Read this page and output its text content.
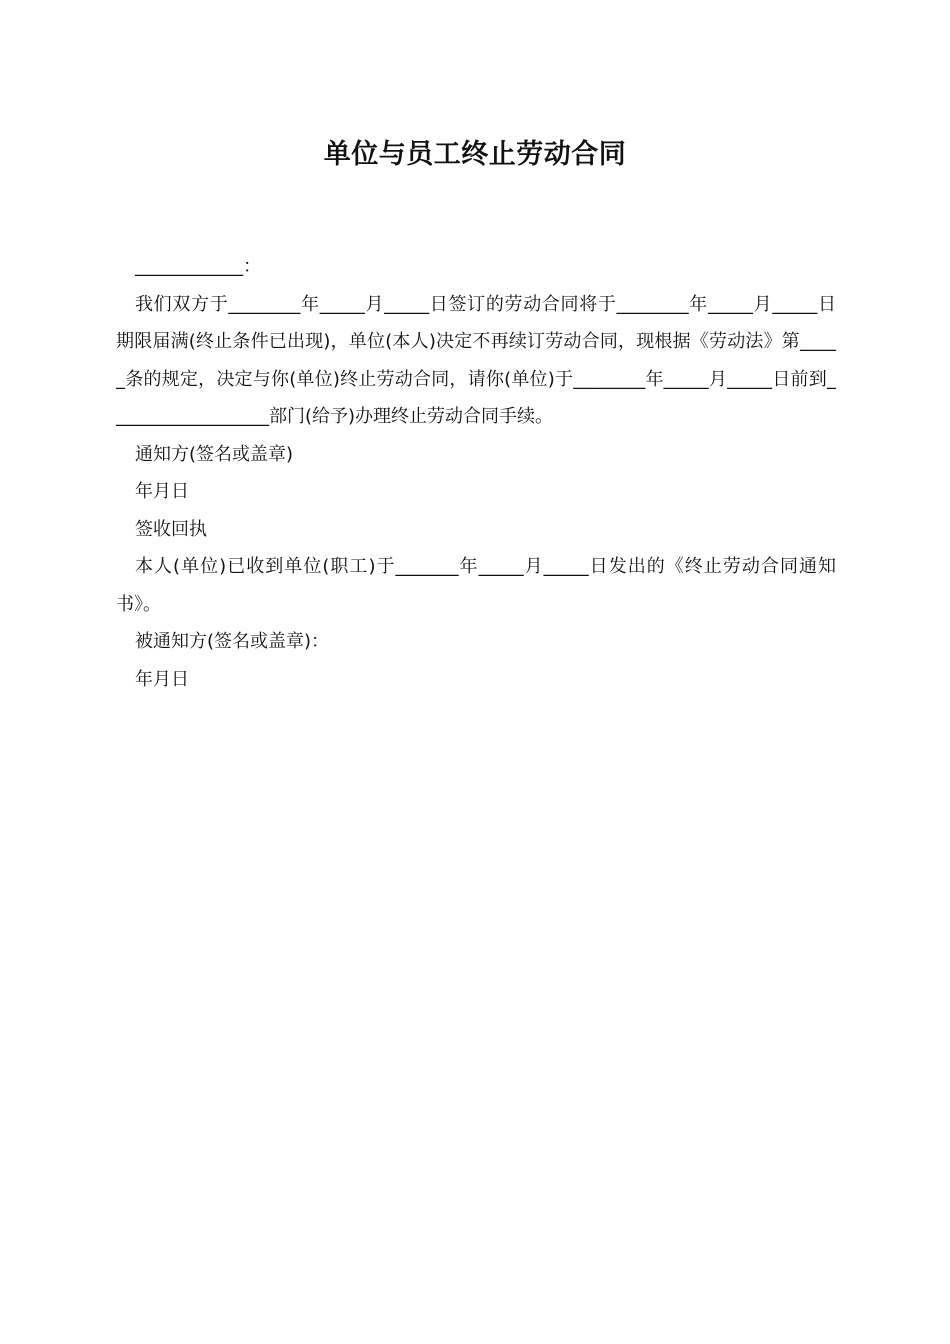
单位与员工终止劳动合同

____________：

我们双方于________年_____月_____日签订的劳动合同将于________年_____月_____日期限届满(终止条件已出现)，单位(本人)决定不再续订劳动合同，现根据《劳动法》第_____条的规定，决定与你(单位)终止劳动合同，请你(单位)于________年_____月_____日前到__________________部门(给予)办理终止劳动合同手续。

通知方(签名或盖章)

年月日

签收回执

本人(单位)已收到单位(职工)于_______年_____月_____日发出的《终止劳动合同通知书》。

被通知方(签名或盖章)：

年月日
